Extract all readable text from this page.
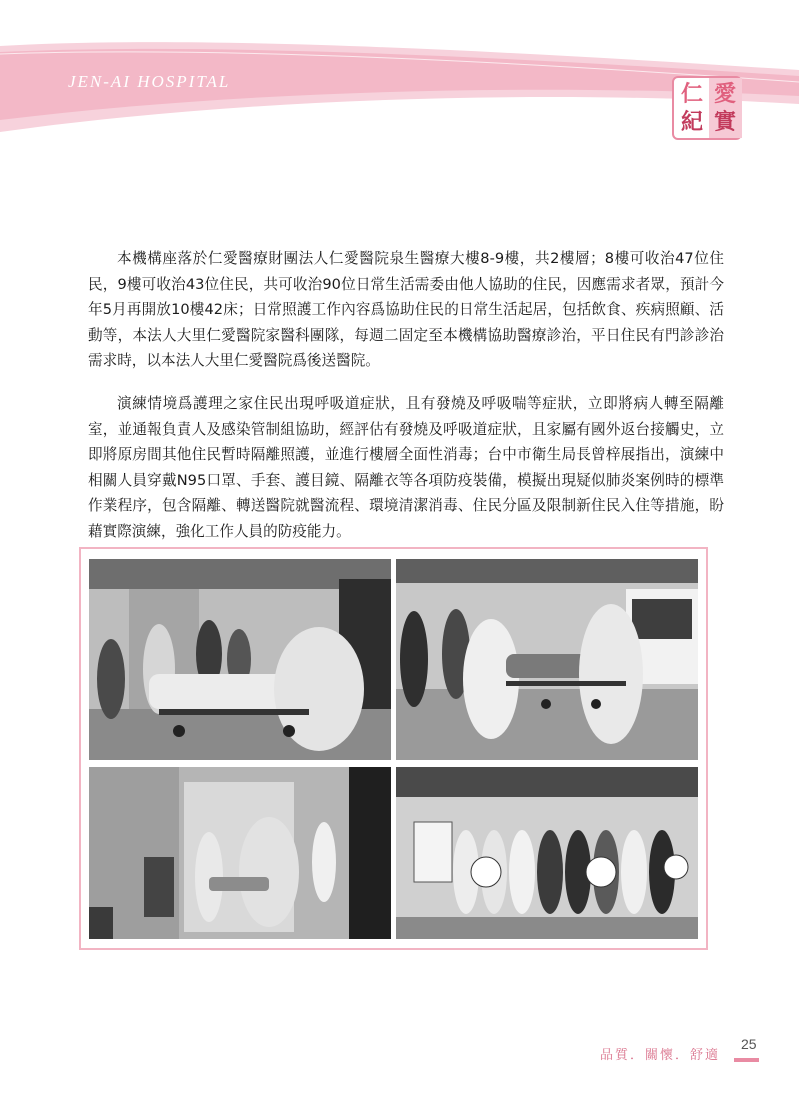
JEN-AI HOSPITAL	仁 愛
紀 實

本機構座落於仁愛醫療財團法人仁愛醫院泉生醫療大樓8-9樓，共2樓層；8樓可收治47位住民，9樓可收治43位住民，共可收治90位日常生活需委由他人協助的住民，因應需求者眾，預計今年5月再開放10樓42床；日常照護工作內容爲協助住民的日常生活起居，包括飲食、疾病照顧、活動等，本法人大里仁愛醫院家醫科團隊，每週二固定至本機構協助醫療診治，平日住民有門診診治需求時，以本法人大里仁愛醫院爲後送醫院。

演練情境爲護理之家住民出現呼吸道症狀，且有發燒及呼吸喘等症狀，立即將病人轉至隔離室，並通報負責人及感染管制組協助，經評估有發燒及呼吸道症狀，且家屬有國外返台接觸史，立即將原房間其他住民暫時隔離照護，並進行樓層全面性消毒；台中市衛生局長曾梓展指出，演練中相關人員穿戴N95口罩、手套、護目鏡、隔離衣等各項防疫裝備，模擬出現疑似肺炎案例時的標準作業程序，包含隔離、轉送醫院就醫流程、環境清潔消毒、住民分區及限制新住民入住等措施，盼藉實際演練，強化工作人員的防疫能力。

品質．關懷．舒適
25
